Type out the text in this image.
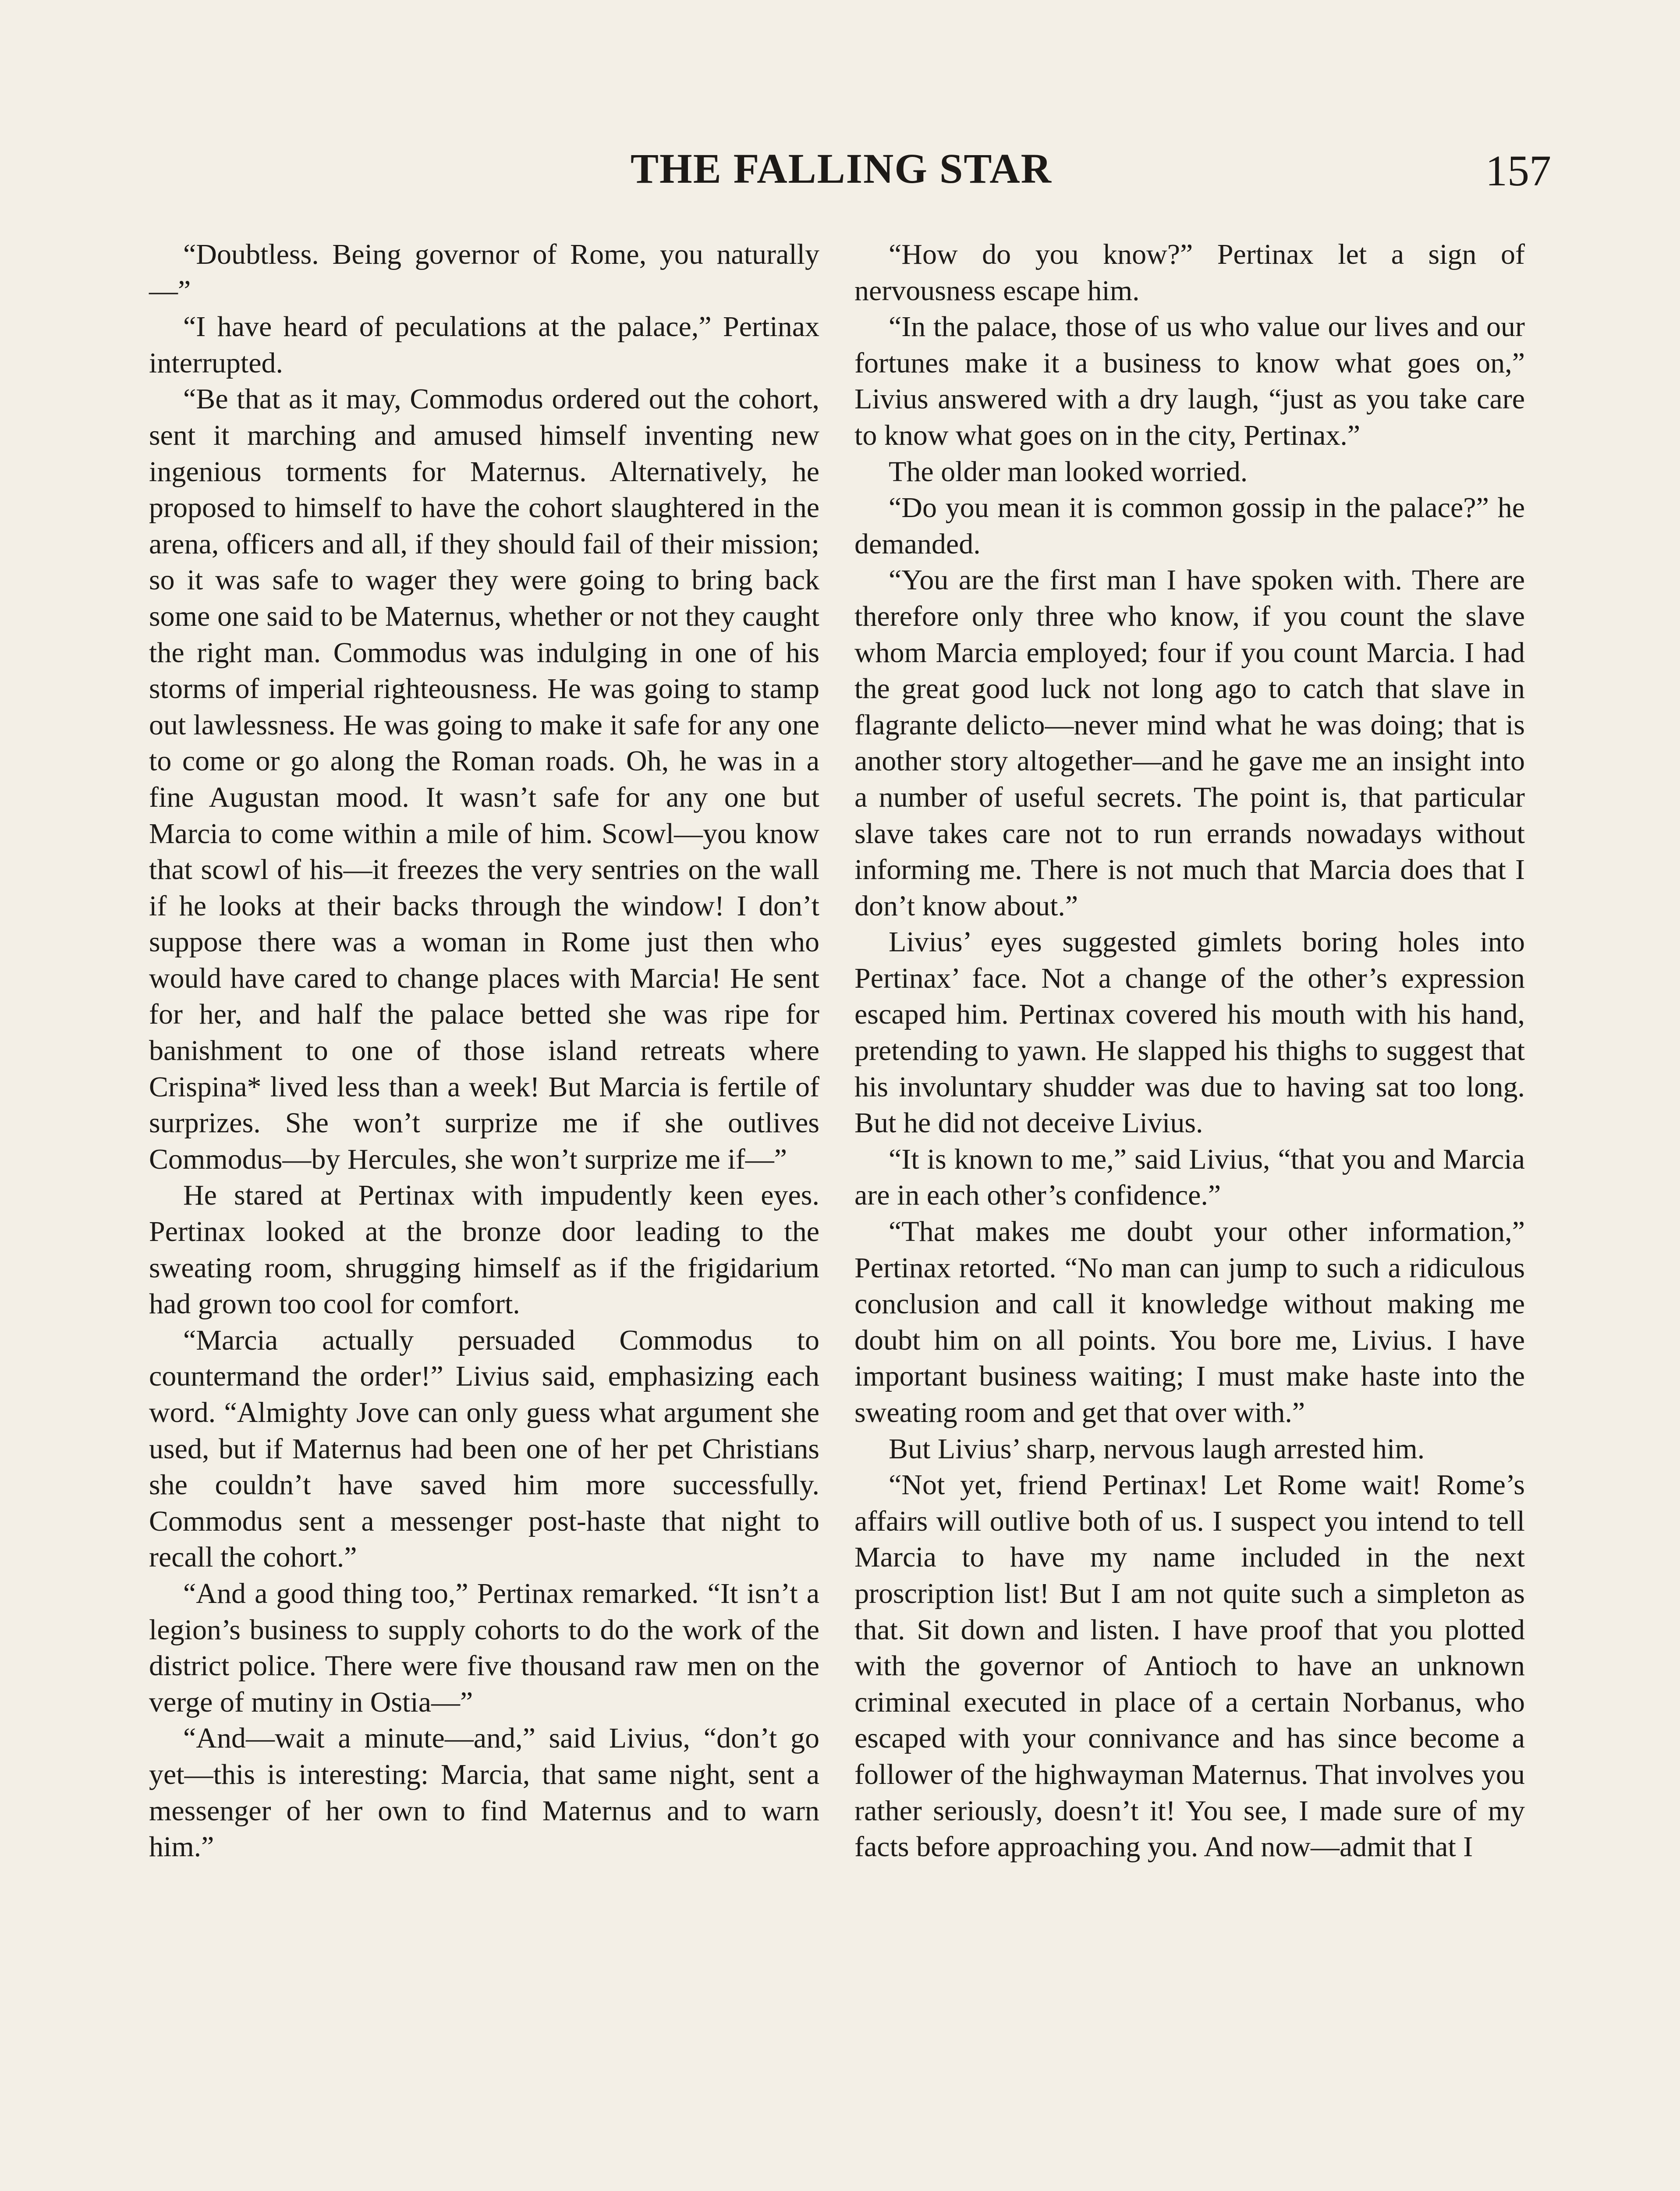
THE FALLING STAR	157

“Doubtless. Being governor of Rome, you naturally—”

“I have heard of peculations at the palace,” Pertinax interrupted.

“Be that as it may, Commodus ordered out the cohort, sent it marching and amused himself inventing new ingenious torments for Maternus. Alternatively, he proposed to himself to have the cohort slaughtered in the arena, officers and all, if they should fail of their mission; so it was safe to wager they were going to bring back some one said to be Maternus, whether or not they caught the right man. Commodus was indulging in one of his storms of imperial righteousness. He was going to stamp out lawlessness. He was going to make it safe for any one to come or go along the Roman roads. Oh, he was in a fine Augustan mood. It wasn’t safe for any one but Marcia to come within a mile of him. Scowl—you know that scowl of his—it freezes the very sentries on the wall if he looks at their backs through the window! I don’t suppose there was a woman in Rome just then who would have cared to change places with Marcia! He sent for her, and half the palace betted she was ripe for banishment to one of those island retreats where Crispina* lived less than a week! But Marcia is fertile of surprizes. She won’t surprize me if she outlives Commodus—by Hercules, she won’t surprize me if—”

He stared at Pertinax with impudently keen eyes. Pertinax looked at the bronze door leading to the sweating room, shrugging himself as if the frigidarium had grown too cool for comfort.

“Marcia actually persuaded Commodus to countermand the order!” Livius said, emphasizing each word. “Almighty Jove can only guess what argument she used, but if Maternus had been one of her pet Christians she couldn’t have saved him more successfully. Commodus sent a messenger post-haste that night to recall the cohort.”

“And a good thing too,” Pertinax remarked. “It isn’t a legion’s business to supply cohorts to do the work of the district police. There were five thousand raw men on the verge of mutiny in Ostia—”

“And—wait a minute—and,” said Livius, “don’t go yet—this is interesting: Marcia, that same night, sent a messenger of her own to find Maternus and to warn him.”

“How do you know?” Pertinax let a sign of nervousness escape him.

“In the palace, those of us who value our lives and our fortunes make it a business to know what goes on,” Livius answered with a dry laugh, “just as you take care to know what goes on in the city, Pertinax.”

The older man looked worried.

“Do you mean it is common gossip in the palace?” he demanded.

“You are the first man I have spoken with. There are therefore only three who know, if you count the slave whom Marcia employed; four if you count Marcia. I had the great good luck not long ago to catch that slave in flagrante delicto—never mind what he was doing; that is another story altogether—and he gave me an insight into a number of useful secrets. The point is, that particular slave takes care not to run errands nowadays without informing me. There is not much that Marcia does that I don’t know about.”

Livius’ eyes suggested gimlets boring holes into Pertinax’ face. Not a change of the other’s expression escaped him. Pertinax covered his mouth with his hand, pretending to yawn. He slapped his thighs to suggest that his involuntary shudder was due to having sat too long. But he did not deceive Livius.

“It is known to me,” said Livius, “that you and Marcia are in each other’s confidence.”

“That makes me doubt your other information,” Pertinax retorted. “No man can jump to such a ridiculous conclusion and call it knowledge without making me doubt him on all points. You bore me, Livius. I have important business waiting; I must make haste into the sweating room and get that over with.”

But Livius’ sharp, nervous laugh arrested him.

“Not yet, friend Pertinax! Let Rome wait! Rome’s affairs will outlive both of us. I suspect you intend to tell Marcia to have my name included in the next proscription list! But I am not quite such a simpleton as that. Sit down and listen. I have proof that you plotted with the governor of Antioch to have an unknown criminal executed in place of a certain Norbanus, who escaped with your connivance and has since become a follower of the highwayman Maternus. That involves you rather seriously, doesn’t it! You see, I made sure of my facts before approaching you. And now—admit that I
